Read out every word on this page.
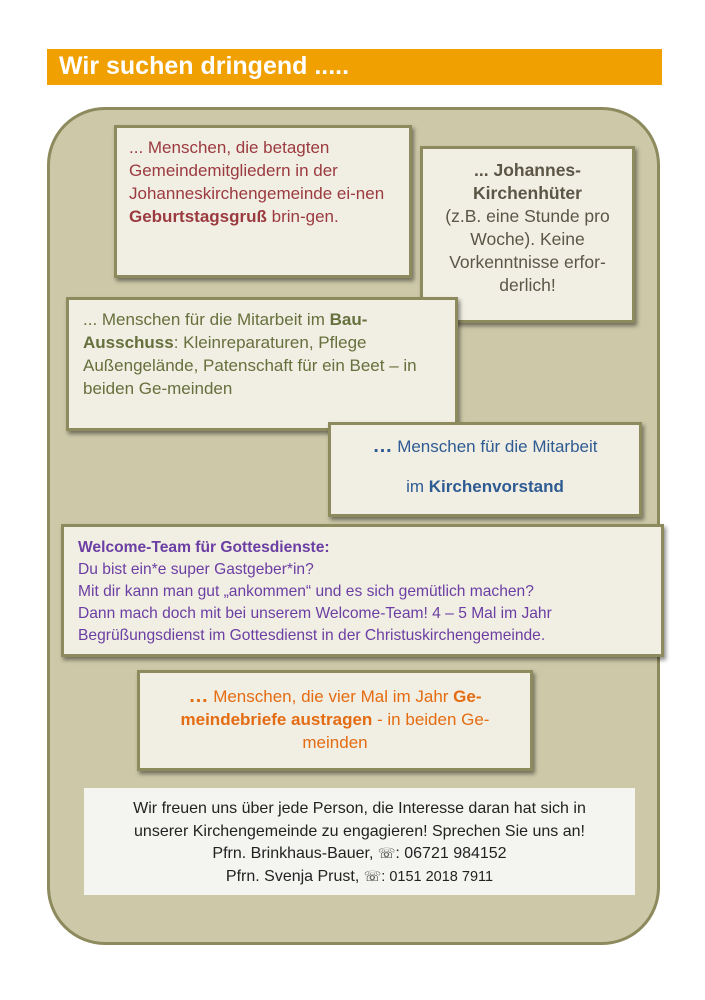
Wir suchen dringend .....
... Menschen, die betagten Gemeindemitgliedern in der Johanneskirchengemeinde ei-nen Geburtstagsgruß brin-gen.
... Johannes-Kirchenhüter
(z.B. eine Stunde pro Woche). Keine Vorkenntnisse erfor-derlich!
... Menschen für die Mitarbeit im Bau-Ausschuss: Kleinreparaturen, Pflege Außengelände, Patenschaft für ein Beet – in beiden Ge-meinden
… Menschen für die Mitarbeit
im Kirchenvorstand
Welcome-Team für Gottesdienste:
Du bist ein*e super Gastgeber*in?
Mit dir kann man gut „ankommen“ und es sich gemütlich machen?
Dann mach doch mit bei unserem Welcome-Team! 4 – 5 Mal im Jahr
Begrüßungsdienst im Gottesdienst in der Christuskirchengemeinde.
… Menschen, die vier Mal im Jahr Ge-meindebriefe austragen - in beiden Ge-meinden
Wir freuen uns über jede Person, die Interesse daran hat sich in
unserer Kirchengemeinde zu engagieren! Sprechen Sie uns an!
Pfrn. Brinkhaus-Bauer, ☏: 06721 984152
Pfrn. Svenja Prust, ☏: 0151 2018 7911
